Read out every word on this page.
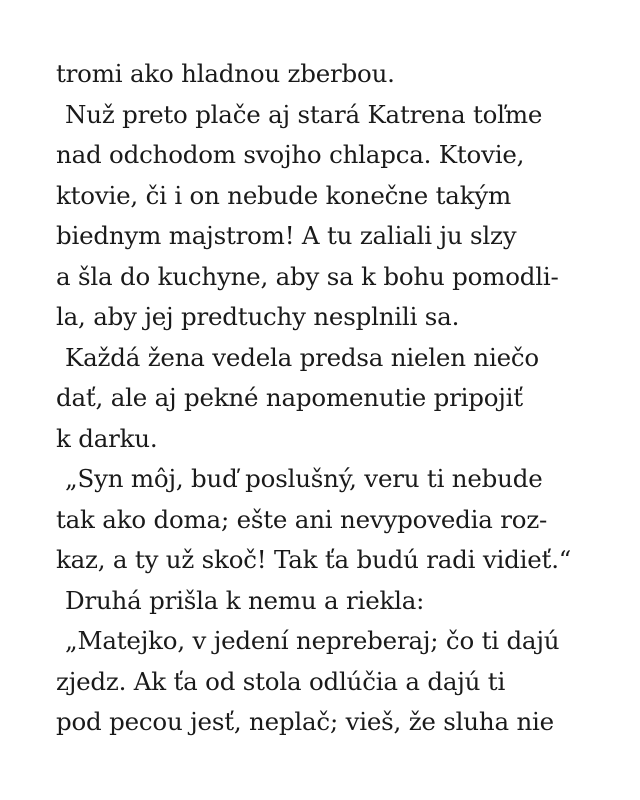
tromi ako hladnou zberbou.
Nuž preto plače aj stará Katrena toľme
nad odchodom svojho chlapca. Ktovie,
ktovie, či i on nebude konečne takým
biednym majstrom! A tu zaliali ju slzy
a šla do kuchyne, aby sa k bohu pomodli-
la, aby jej predtuchy nesplnili sa.
Každá žena vedela predsa nielen niečo
dať, ale aj pekné napomenutie pripojiť
k darku.
„Syn môj, buď poslušný, veru ti nebude
tak ako doma; ešte ani nevypovedia roz-
kaz, a ty už skoč! Tak ťa budú radi vidieť.“
Druhá prišla k nemu a riekla:
„Matejko, v jedení nepreberaj; čo ti dajú
zjedz. Ak ťa od stola odlúčia a dajú ti
pod pecou jesť, neplač; vieš, že sluha nie
